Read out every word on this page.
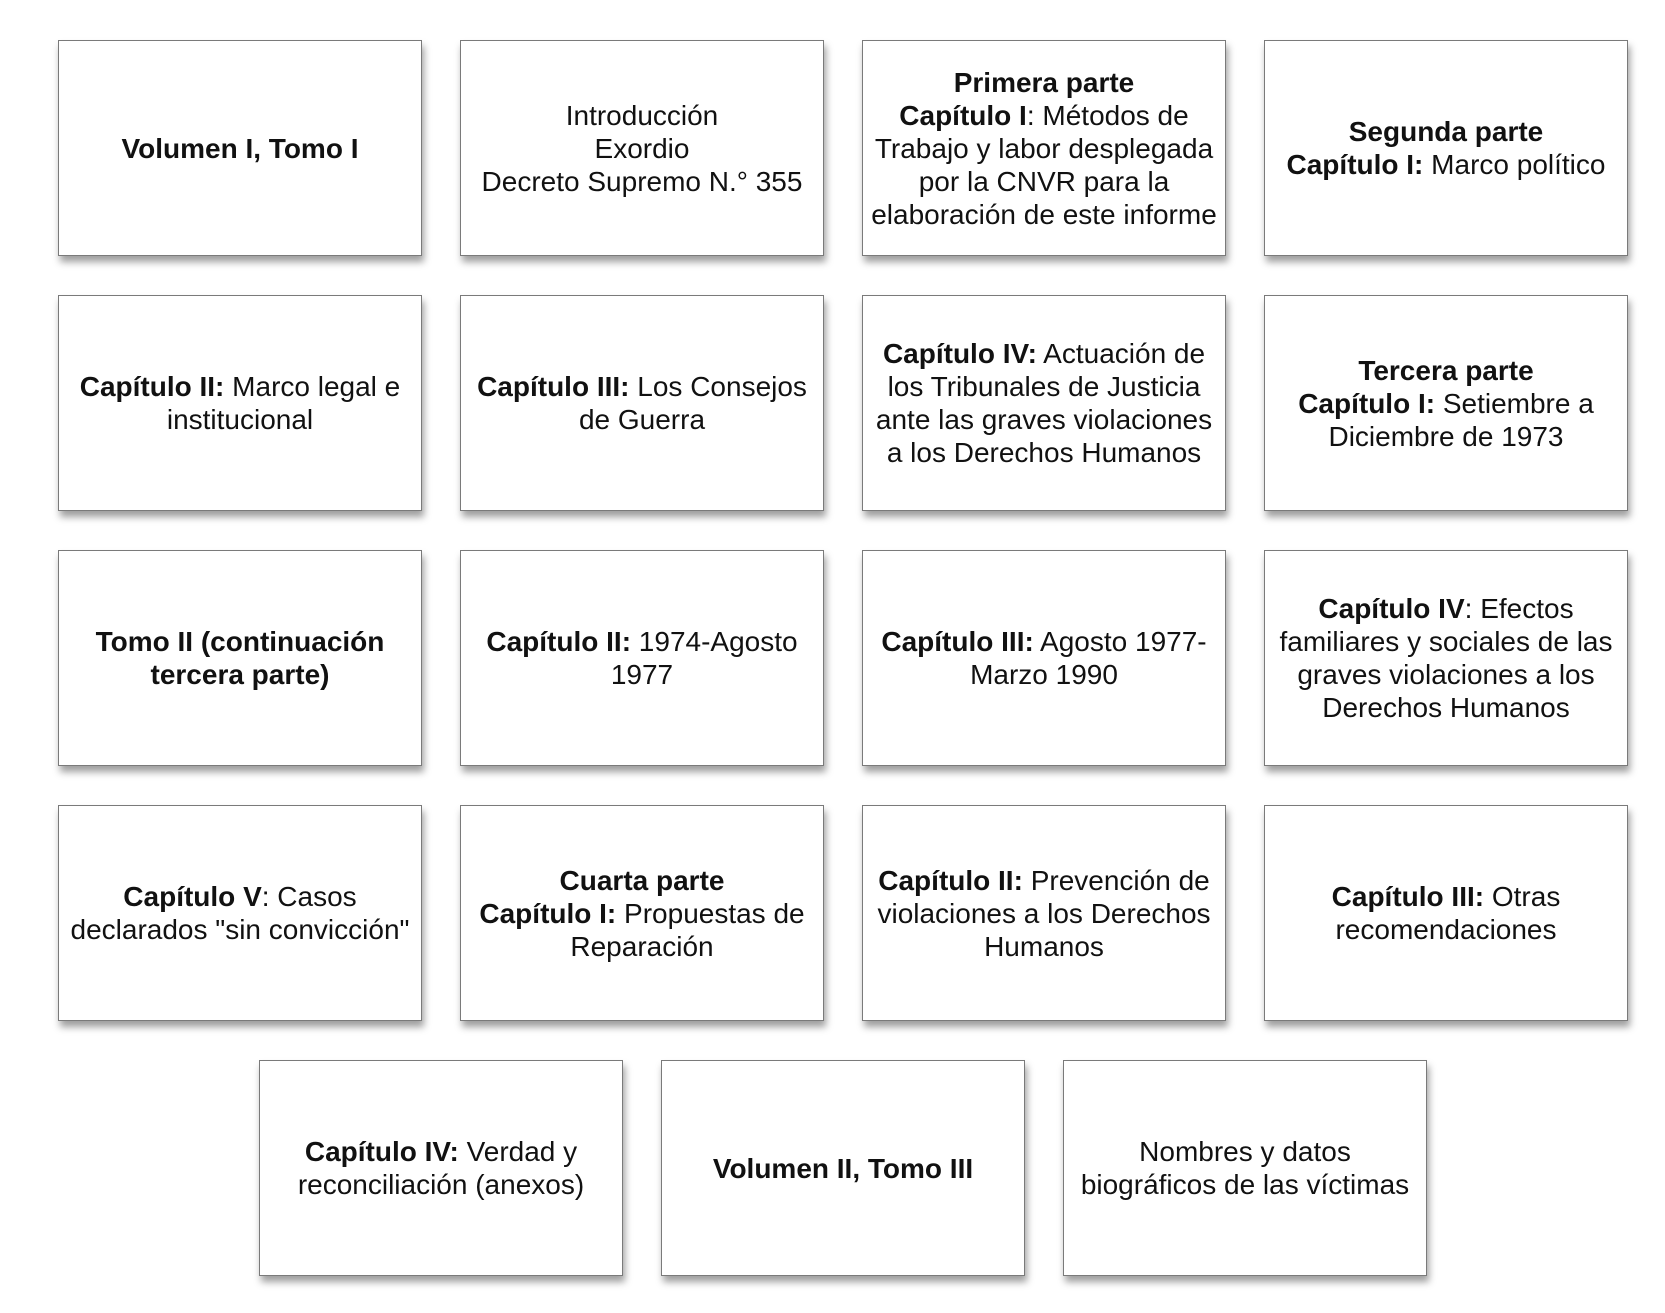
Volumen I, Tomo I
Introducción
Exordio
Decreto Supremo N.° 355
Primera parte
Capítulo I: Métodos de Trabajo y labor desplegada por la CNVR para la elaboración de este informe
Segunda parte
Capítulo I: Marco político
Capítulo II: Marco legal e institucional
Capítulo III: Los Consejos de Guerra
Capítulo IV: Actuación de los Tribunales de Justicia ante las graves violaciones a los Derechos Humanos
Tercera parte
Capítulo I: Setiembre a Diciembre de 1973
Tomo II (continuación tercera parte)
Capítulo II: 1974-Agosto 1977
Capítulo III: Agosto 1977-Marzo 1990
Capítulo IV: Efectos familiares y sociales de las graves violaciones a los Derechos Humanos
Capítulo V: Casos declarados "sin convicción"
Cuarta parte
Capítulo I: Propuestas de Reparación
Capítulo II: Prevención de violaciones a los Derechos Humanos
Capítulo III: Otras recomendaciones
Capítulo IV: Verdad y reconciliación (anexos)
Volumen II, Tomo III
Nombres y datos biográficos de las víctimas
